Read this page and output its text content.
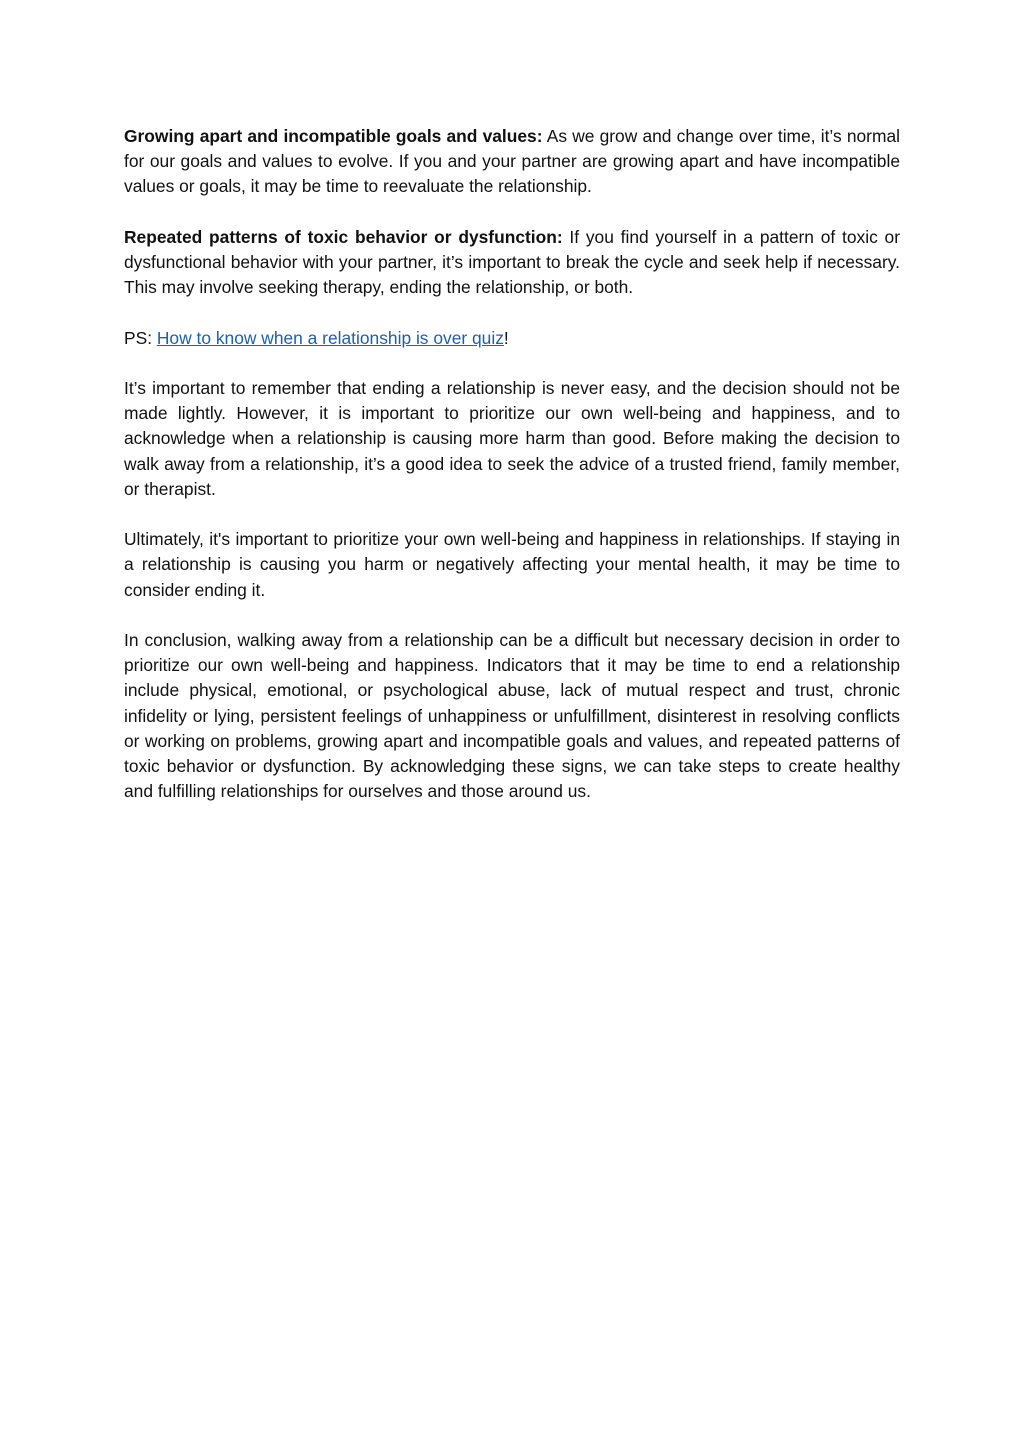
Growing apart and incompatible goals and values: As we grow and change over time, it’s normal for our goals and values to evolve. If you and your partner are growing apart and have incompatible values or goals, it may be time to reevaluate the relationship.

Repeated patterns of toxic behavior or dysfunction: If you find yourself in a pattern of toxic or dysfunctional behavior with your partner, it’s important to break the cycle and seek help if necessary. This may involve seeking therapy, ending the relationship, or both.

PS: How to know when a relationship is over quiz!

It’s important to remember that ending a relationship is never easy, and the decision should not be made lightly. However, it is important to prioritize our own well-being and happiness, and to acknowledge when a relationship is causing more harm than good. Before making the decision to walk away from a relationship, it’s a good idea to seek the advice of a trusted friend, family member, or therapist.

Ultimately, it's important to prioritize your own well-being and happiness in relationships. If staying in a relationship is causing you harm or negatively affecting your mental health, it may be time to consider ending it.

In conclusion, walking away from a relationship can be a difficult but necessary decision in order to prioritize our own well-being and happiness. Indicators that it may be time to end a relationship include physical, emotional, or psychological abuse, lack of mutual respect and trust, chronic infidelity or lying, persistent feelings of unhappiness or unfulfillment, disinterest in resolving conflicts or working on problems, growing apart and incompatible goals and values, and repeated patterns of toxic behavior or dysfunction. By acknowledging these signs, we can take steps to create healthy and fulfilling relationships for ourselves and those around us.
